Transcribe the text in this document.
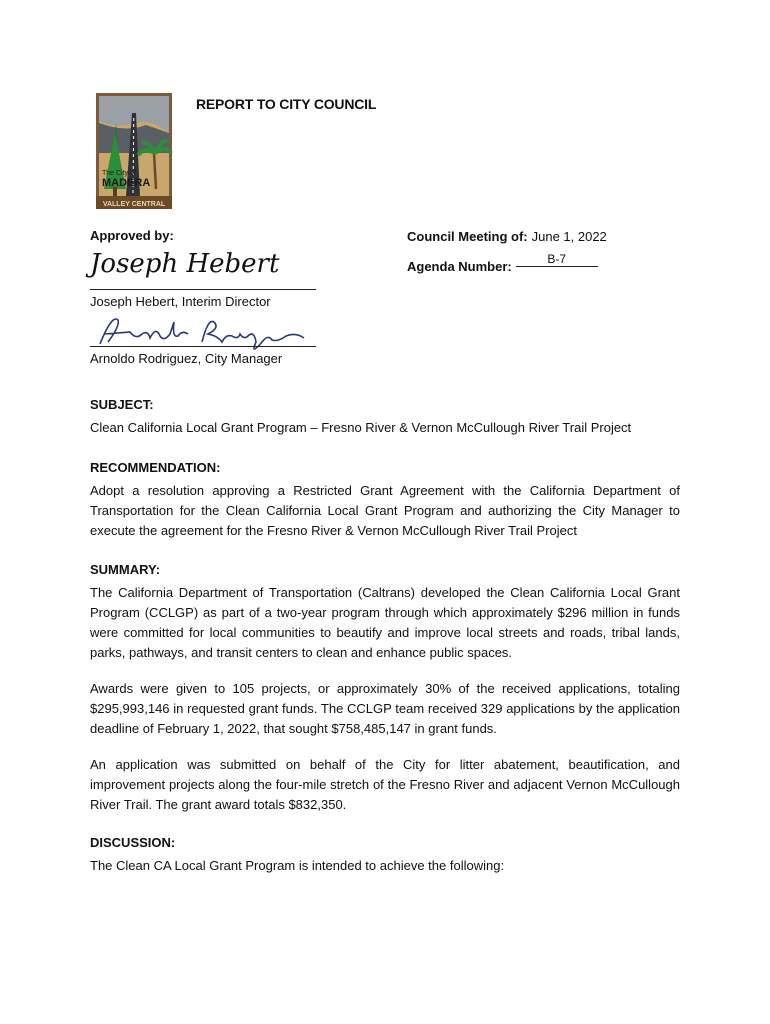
The City of
MADERA
VALLEY CENTRAL
REPORT TO CITY COUNCIL
Approved by:
Joseph Hebert
Joseph Hebert, Interim Director
Arnoldo Rodriguez, City Manager
Council Meeting of: June 1, 2022
Agenda Number:	B-7
SUBJECT:

Clean California Local Grant Program – Fresno River & Vernon McCullough River Trail Project

RECOMMENDATION:

Adopt a resolution approving a Restricted Grant Agreement with the California Department of Transportation for the Clean California Local Grant Program and authorizing the City Manager to execute the agreement for the Fresno River & Vernon McCullough River Trail Project

SUMMARY:

The California Department of Transportation (Caltrans) developed the Clean California Local Grant Program (CCLGP) as part of a two-year program through which approximately $296 million in funds were committed for local communities to beautify and improve local streets and roads, tribal lands, parks, pathways, and transit centers to clean and enhance public spaces.

Awards were given to 105 projects, or approximately 30% of the received applications, totaling $295,993,146 in requested grant funds. The CCLGP team received 329 applications by the application deadline of February 1, 2022, that sought $758,485,147 in grant funds.

An application was submitted on behalf of the City for litter abatement, beautification, and improvement projects along the four-mile stretch of the Fresno River and adjacent Vernon McCullough River Trail. The grant award totals $832,350.

DISCUSSION:

The Clean CA Local Grant Program is intended to achieve the following:
